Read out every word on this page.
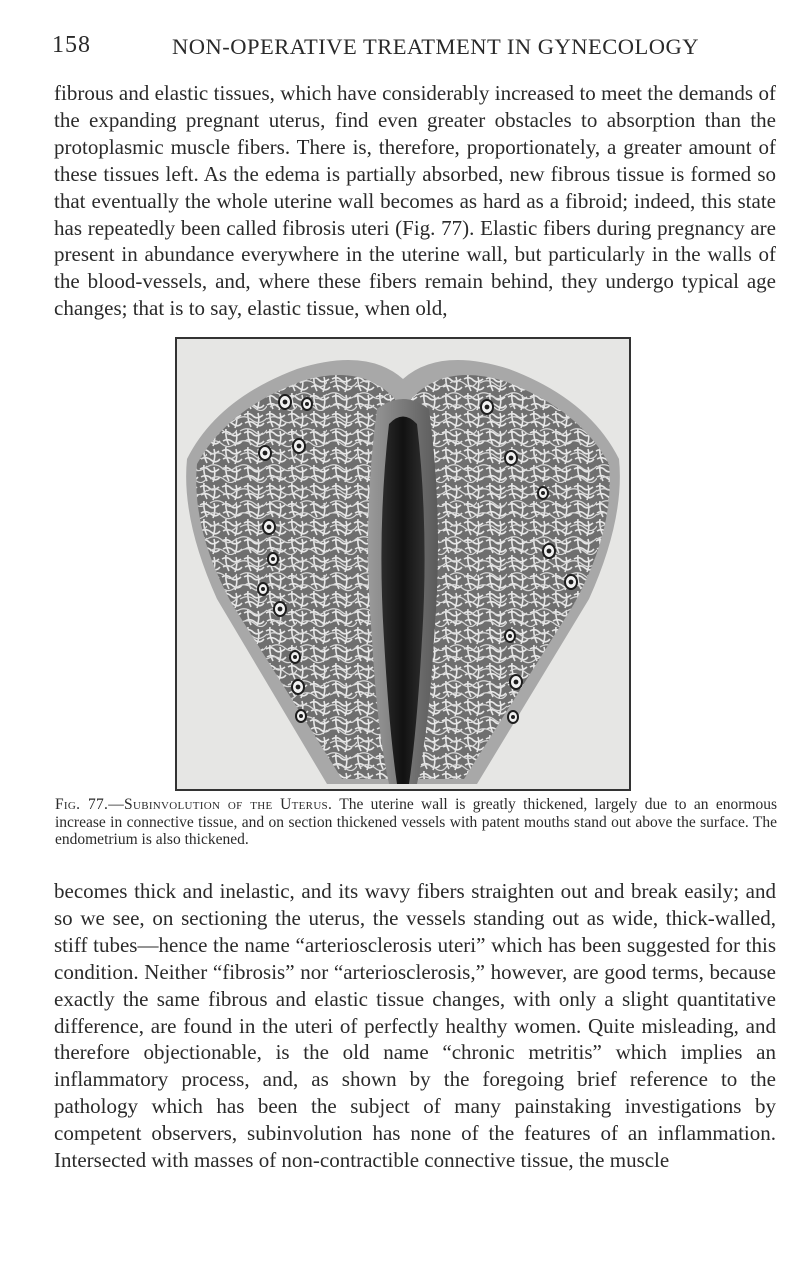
158	NON-OPERATIVE TREATMENT IN GYNECOLOGY

fibrous and elastic tissues, which have considerably increased to meet the demands of the expanding pregnant uterus, find even greater obstacles to absorption than the protoplasmic muscle fibers. There is, therefore, proportionately, a greater amount of these tissues left. As the edema is partially absorbed, new fibrous tissue is formed so that eventually the whole uterine wall becomes as hard as a fibroid; indeed, this state has repeatedly been called fibrosis uteri (Fig. 77). Elastic fibers during pregnancy are present in abundance everywhere in the uterine wall, but particularly in the walls of the blood-vessels, and, where these fibers remain behind, they undergo typical age changes; that is to say, elastic tissue, when old,

Fig. 77.—Subinvolution of the Uterus. The uterine wall is greatly thickened, largely due to an enormous increase in connective tissue, and on section thickened vessels with patent mouths stand out above the surface. The endometrium is also thickened.

becomes thick and inelastic, and its wavy fibers straighten out and break easily; and so we see, on sectioning the uterus, the vessels standing out as wide, thick-walled, stiff tubes—hence the name “arteriosclerosis uteri” which has been suggested for this condition. Neither “fibrosis” nor “arteriosclerosis,” however, are good terms, because exactly the same fibrous and elastic tissue changes, with only a slight quantitative difference, are found in the uteri of perfectly healthy women. Quite misleading, and therefore objectionable, is the old name “chronic metritis” which implies an inflammatory process, and, as shown by the foregoing brief reference to the pathology which has been the subject of many painstaking investigations by competent observers, subinvolution has none of the features of an inflammation. Intersected with masses of non-contractible connective tissue, the muscle
